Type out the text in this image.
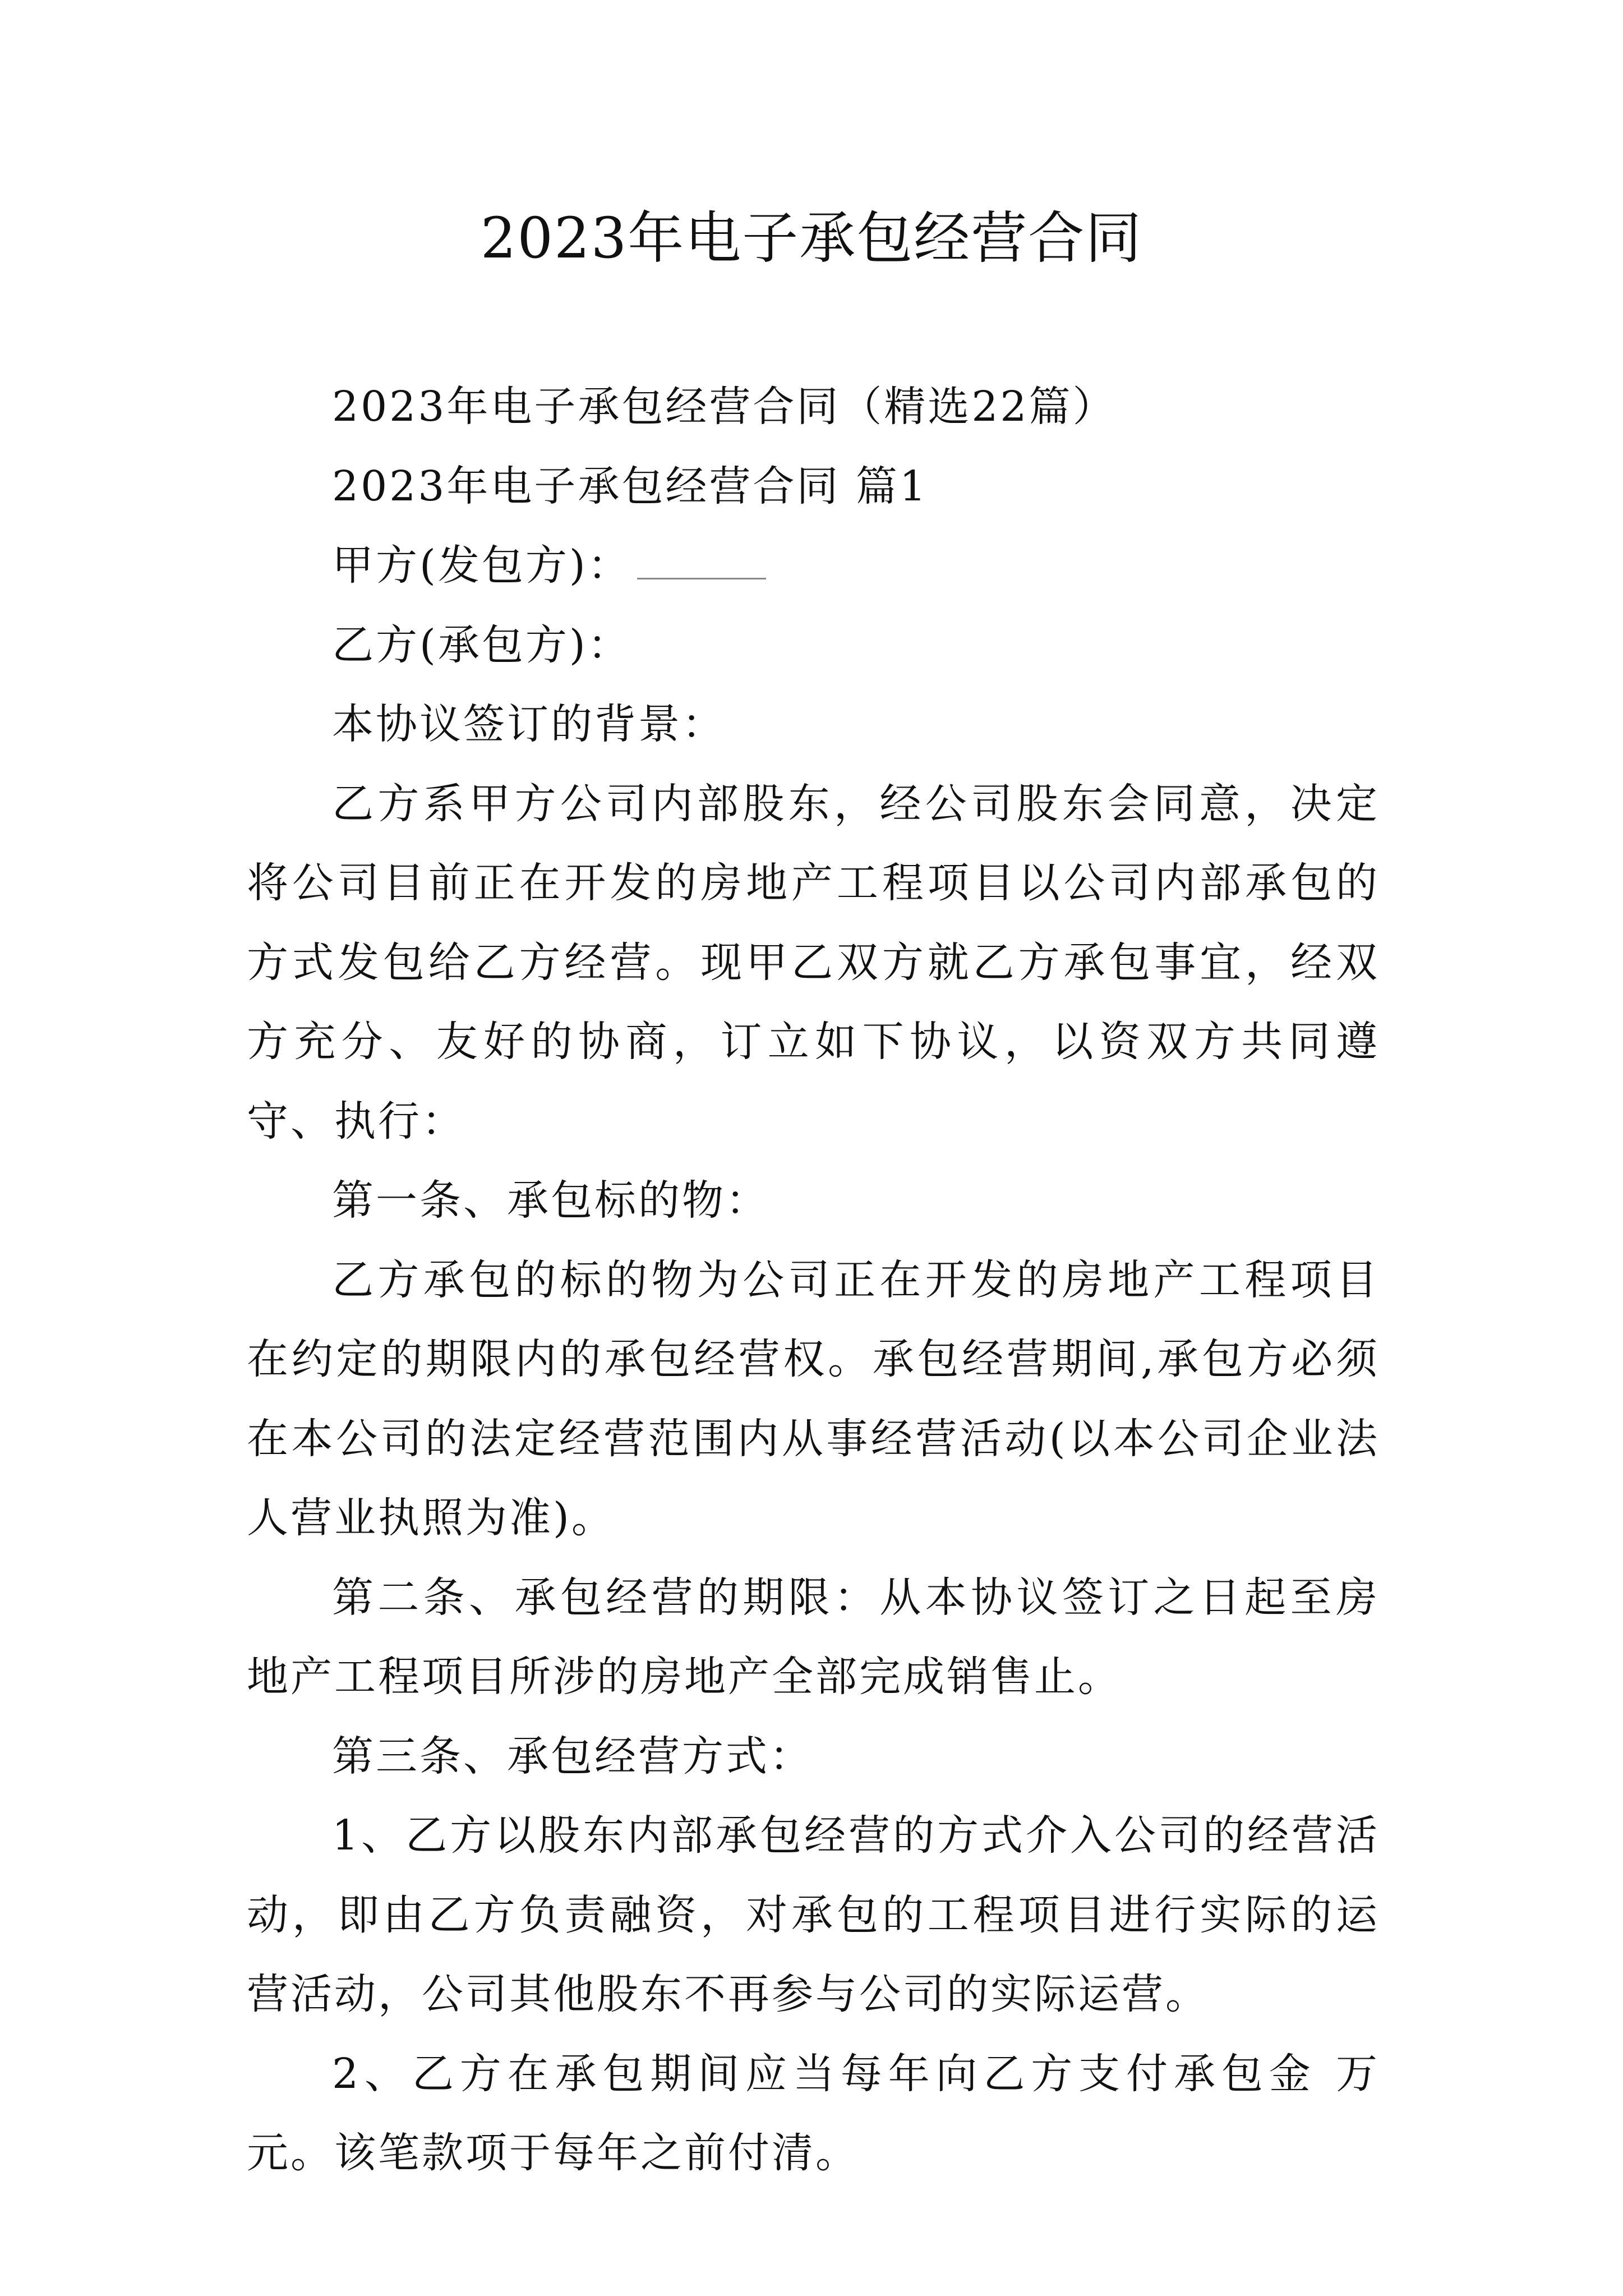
2023年电子承包经营合同

2023年电子承包经营合同（精选22篇）

2023年电子承包经营合同 篇1

甲方(发包方)：

乙方(承包方)：

本协议签订的背景：

乙方系甲方公司内部股东，经公司股东会同意，决定将公司目前正在开发的房地产工程项目以公司内部承包的方式发包给乙方经营。现甲乙双方就乙方承包事宜，经双方充分、友好的协商，订立如下协议，以资双方共同遵守、执行：

第一条、承包标的物：

乙方承包的标的物为公司正在开发的房地产工程项目在约定的期限内的承包经营权。承包经营期间,承包方必须在本公司的法定经营范围内从事经营活动(以本公司企业法人营业执照为准)。

第二条、承包经营的期限：从本协议签订之日起至房地产工程项目所涉的房地产全部完成销售止。

第三条、承包经营方式：

1、乙方以股东内部承包经营的方式介入公司的经营活动，即由乙方负责融资，对承包的工程项目进行实际的运营活动，公司其他股东不再参与公司的实际运营。

2、乙方在承包期间应当每年向乙方支付承包金 万元。该笔款项于每年之前付清。
